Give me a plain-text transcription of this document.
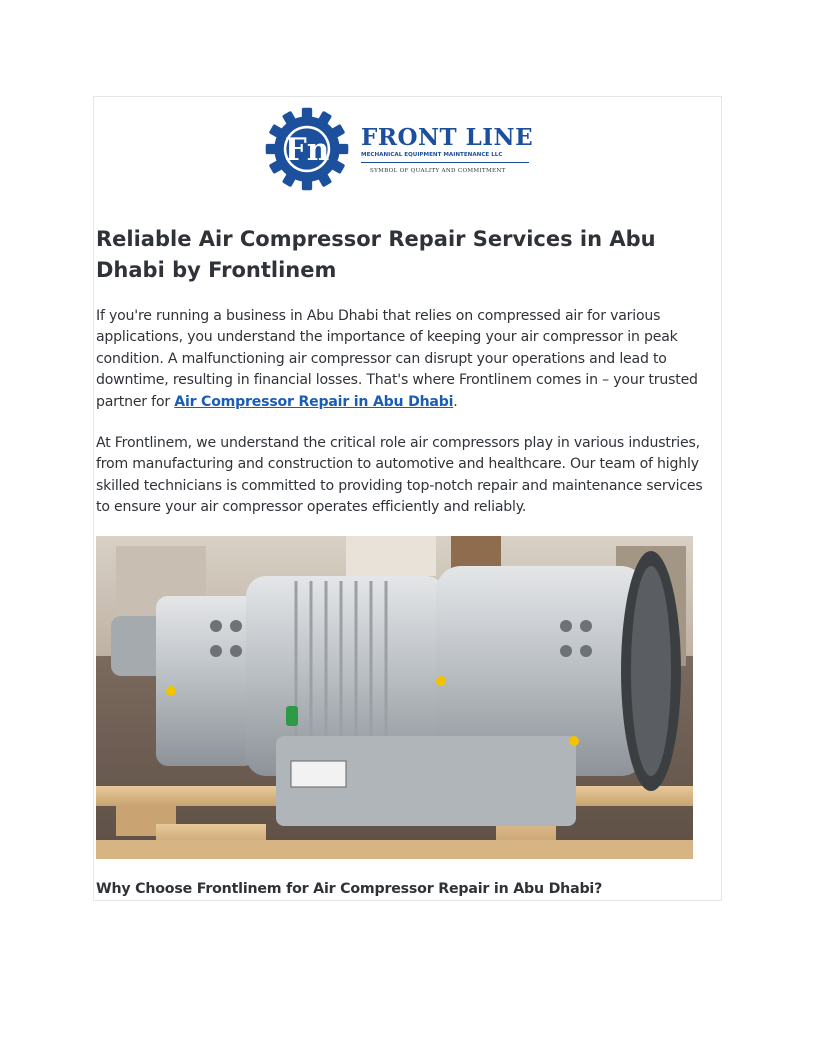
Fn FRONT LINE
MECHANICAL EQUIPMENT MAINTENANCE LLC
SYMBOL OF QUALITY AND COMMITMENT
Reliable Air Compressor Repair Services in Abu Dhabi by Frontlinem

If you're running a business in Abu Dhabi that relies on compressed air for various applications, you understand the importance of keeping your air compressor in peak condition. A malfunctioning air compressor can disrupt your operations and lead to downtime, resulting in financial losses. That's where Frontlinem comes in – your trusted partner for Air Compressor Repair in Abu Dhabi.

At Frontlinem, we understand the critical role air compressors play in various industries, from manufacturing and construction to automotive and healthcare. Our team of highly skilled technicians is committed to providing top-notch repair and maintenance services to ensure your air compressor operates efficiently and reliably.

Why Choose Frontlinem for Air Compressor Repair in Abu Dhabi?
